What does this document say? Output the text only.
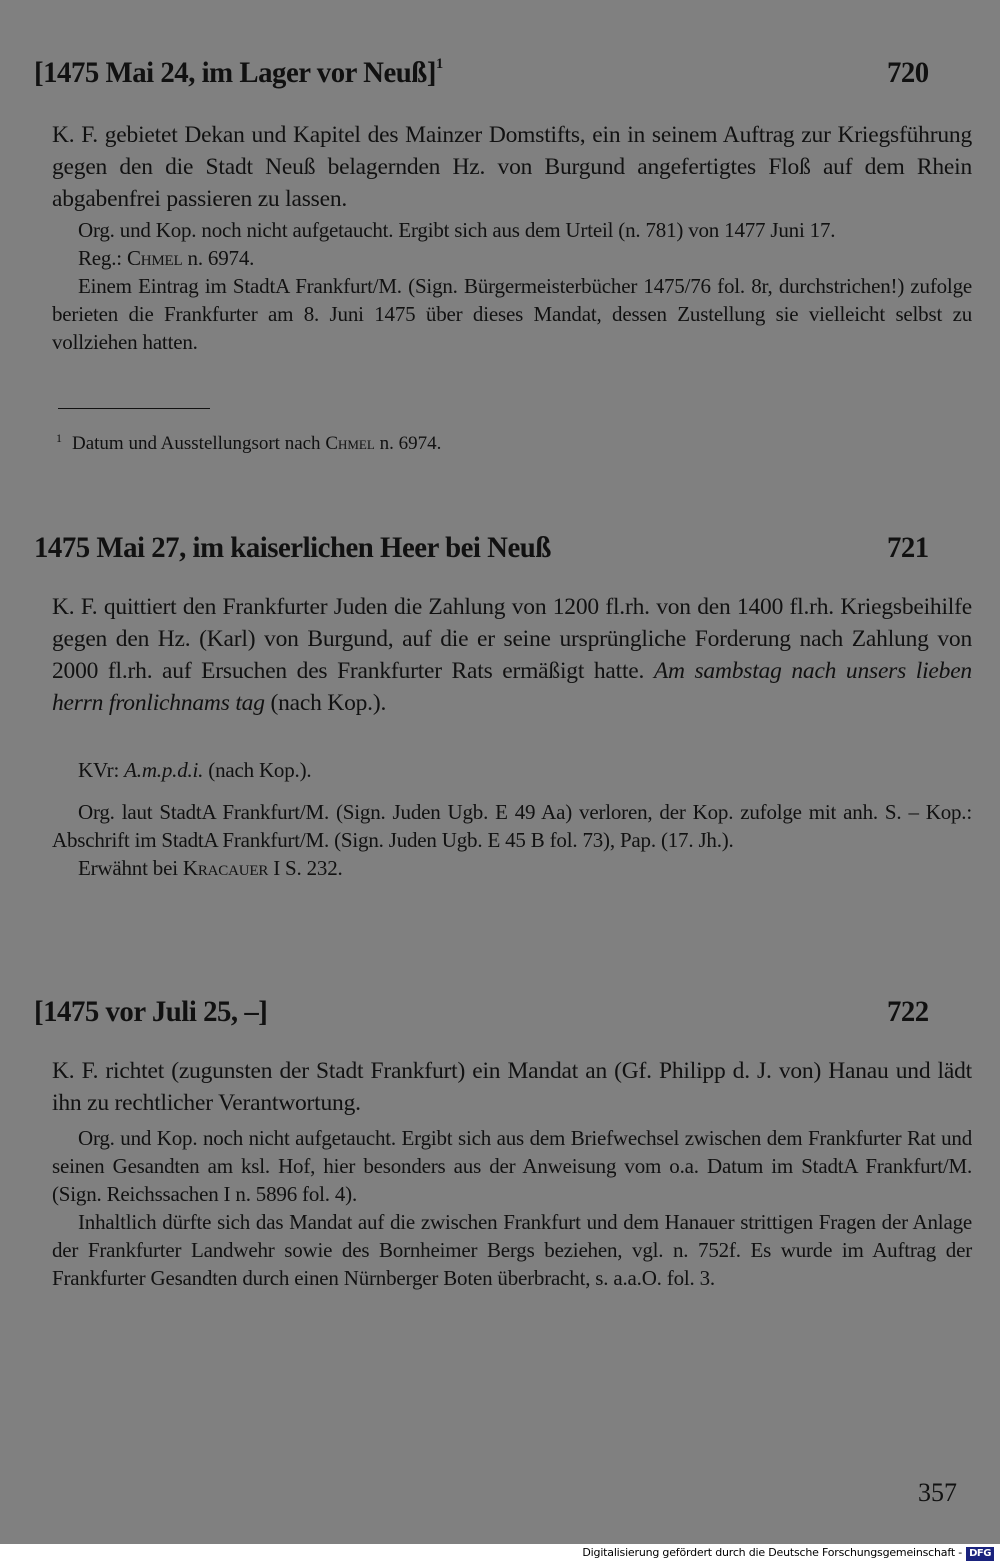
[1475 Mai 24, im Lager vor Neuß]$^1$	720

K. F. gebietet Dekan und Kapitel des Mainzer Domstifts, ein in seinem Auftrag zur Kriegsführung gegen den die Stadt Neuß belagernden Hz. von Burgund angefertigtes Floß auf dem Rhein abgabenfrei passieren zu lassen.

Org. und Kop. noch nicht aufgetaucht. Ergibt sich aus dem Urteil (n. 781) von 1477 Juni 17.

Reg.: Chmel n. 6974.

Einem Eintrag im StadtA Frankfurt/M. (Sign. Bürgermeisterbücher 1475/76 fol. 8r, durchstrichen!) zufolge berieten die Frankfurter am 8. Juni 1475 über dieses Mandat, dessen Zustellung sie vielleicht selbst zu vollziehen hatten.

$^1$ Datum und Ausstellungsort nach Chmel n. 6974.
1475 Mai 27, im kaiserlichen Heer bei Neuß	721

K. F. quittiert den Frankfurter Juden die Zahlung von 1200 fl.rh. von den 1400 fl.rh. Kriegsbeihilfe gegen den Hz. (Karl) von Burgund, auf die er seine ursprüngliche Forderung nach Zahlung von 2000 fl.rh. auf Ersuchen des Frankfurter Rats ermäßigt hatte. Am sambstag nach unsers lieben herrn fronlichnams tag (nach Kop.).

KVr: A.m.p.d.i. (nach Kop.).

Org. laut StadtA Frankfurt/M. (Sign. Juden Ugb. E 49 Aa) verloren, der Kop. zufolge mit anh. S. – Kop.: Abschrift im StadtA Frankfurt/M. (Sign. Juden Ugb. E 45 B fol. 73), Pap. (17. Jh.).

Erwähnt bei Kracauer I S. 232.

[1475 vor Juli 25, –]	722

K. F. richtet (zugunsten der Stadt Frankfurt) ein Mandat an (Gf. Philipp d. J. von) Hanau und lädt ihn zu rechtlicher Verantwortung.

Org. und Kop. noch nicht aufgetaucht. Ergibt sich aus dem Briefwechsel zwischen dem Frankfurter Rat und seinen Gesandten am ksl. Hof, hier besonders aus der Anweisung vom o.a. Datum im StadtA Frankfurt/M. (Sign. Reichssachen I n. 5896 fol. 4).

Inhaltlich dürfte sich das Mandat auf die zwischen Frankfurt und dem Hanauer strittigen Fragen der Anlage der Frankfurter Landwehr sowie des Bornheimer Bergs beziehen, vgl. n. 752f. Es wurde im Auftrag der Frankfurter Gesandten durch einen Nürnberger Boten überbracht, s. a.a.O. fol. 3.

357
Digitalisierung gefördert durch die Deutsche Forschungsgemeinschaft - DFG
